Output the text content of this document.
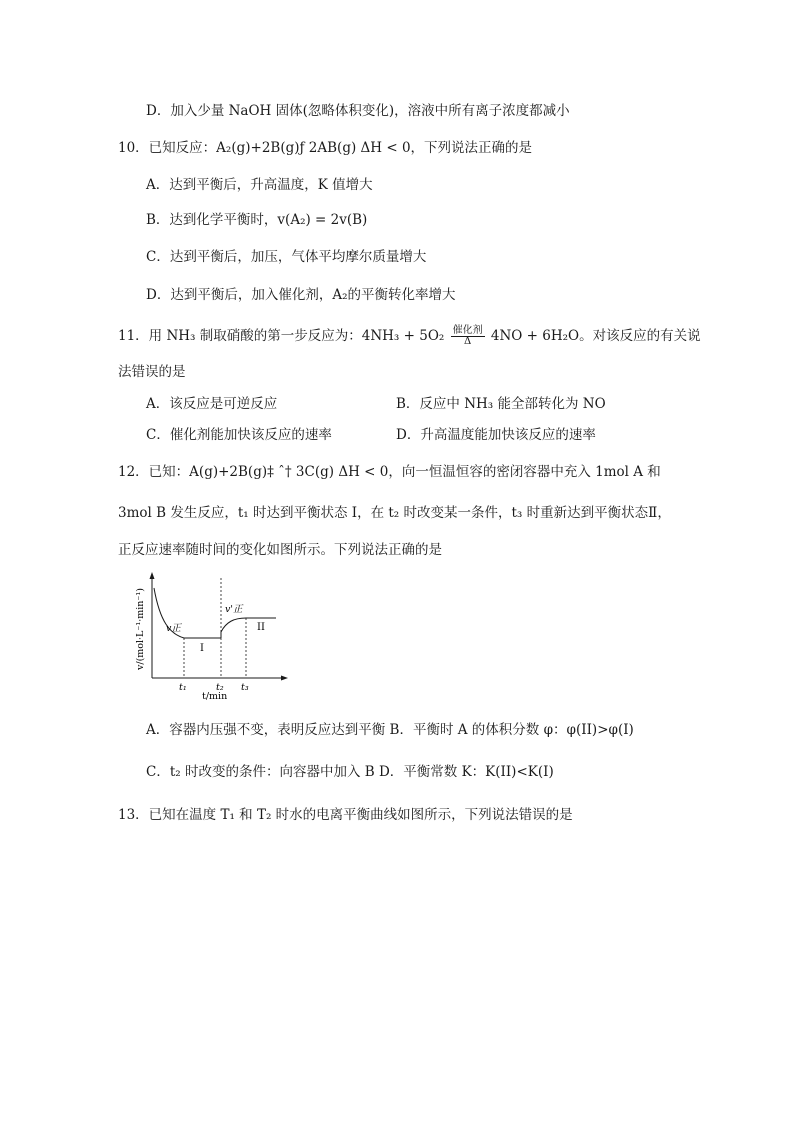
D．加入少量 NaOH 固体(忽略体积变化)，溶液中所有离子浓度都减小
10．已知反应：A₂(g)+2B(g)ƒ 2AB(g) ΔH < 0，下列说法正确的是
A．达到平衡后，升高温度，K 值增大
B．达到化学平衡时，v(A₂) = 2v(B)
C．达到平衡后，加压，气体平均摩尔质量增大
D．达到平衡后，加入催化剂，A₂的平衡转化率增大
11．用 NH₃ 制取硝酸的第一步反应为：$4NH_3 + 5O_2 \frac{\text{催化剂}}{\Delta} 4NO + 6H_2O$。对该反应的有关说
法错误的是
A．该反应是可逆反应	B．反应中 NH₃ 能全部转化为 NO
C．催化剂能加快该反应的速率	D．升高温度能加快该反应的速率
12．已知：A(g)+2B(g)‡ ˆ† 3C(g) ΔH < 0，向一恒温恒容的密闭容器中充入 1mol A 和
3mol B 发生反应，t₁ 时达到平衡状态 I，在 t₂ 时改变某一条件，t₃ 时重新达到平衡状态Ⅱ，
正反应速率随时间的变化如图所示。下列说法正确的是
v/(mol·L⁻¹·min⁻¹)
t/min
v正
v'正
I
II
t₁	t₂ t₃
A．容器内压强不变，表明反应达到平衡 B．平衡时 A 的体积分数 φ：φ(II)>φ(I)
C．t₂ 时改变的条件：向容器中加入 B D．平衡常数 K：K(II)<K(I)
13．已知在温度 T₁ 和 T₂ 时水的电离平衡曲线如图所示，下列说法错误的是
